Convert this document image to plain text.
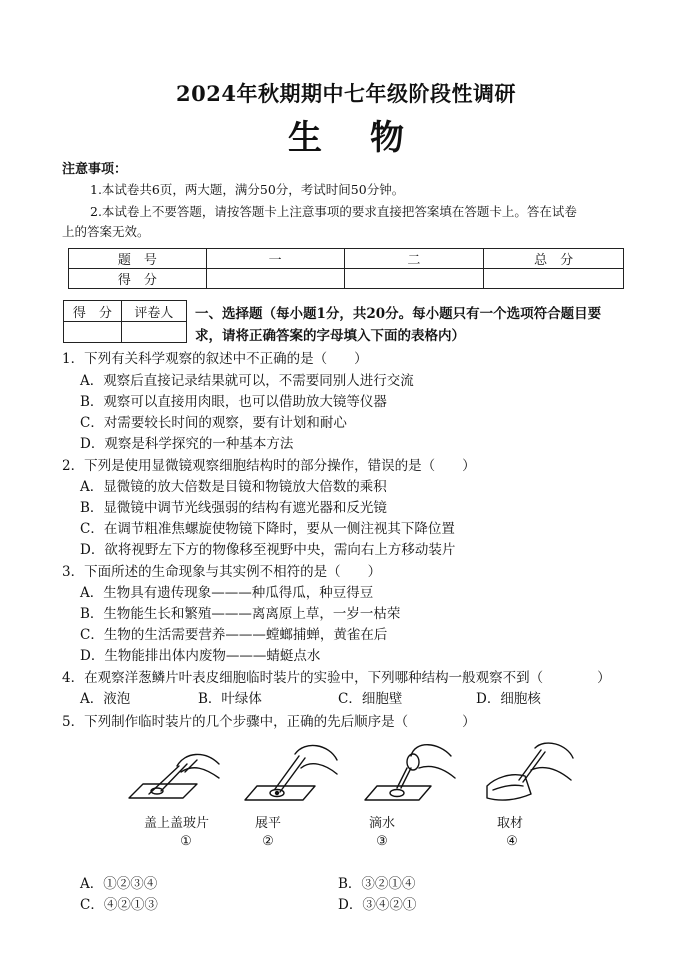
2024年秋期期中七年级阶段性调研
生物
注意事项：
1.本试卷共6页，两大题，满分50分，考试时间50分钟。
2.本试卷上不要答题，请按答题卡上注意事项的要求直接把答案填在答题卡上。答在试卷
上的答案无效。
题　号	一	二	总　分
得　分			
得　分	评卷人
	一、选择题（每小题1分，共20分。每小题只有一个选项符合题目要
求，请将正确答案的字母填入下面的表格内）
1．下列有关科学观察的叙述中不正确的是（　　）
A．观察后直接记录结果就可以，不需要同别人进行交流
B．观察可以直接用肉眼，也可以借助放大镜等仪器
C．对需要较长时间的观察，要有计划和耐心
D．观察是科学探究的一种基本方法
2．下列是使用显微镜观察细胞结构时的部分操作，错误的是（　　）
A．显微镜的放大倍数是目镜和物镜放大倍数的乘积
B．显微镜中调节光线强弱的结构有遮光器和反光镜
C．在调节粗准焦螺旋使物镜下降时，要从一侧注视其下降位置
D．欲将视野左下方的物像移至视野中央，需向右上方移动装片
3．下面所述的生命现象与其实例不相符的是（　　）
A．生物具有遗传现象———种瓜得瓜，种豆得豆
B．生物能生长和繁殖———离离原上草，一岁一枯荣
C．生物的生活需要营养———螳螂捕蝉，黄雀在后
D．生物能排出体内废物———蜻蜓点水
4．在观察洋葱鳞片叶表皮细胞临时装片的实验中，下列哪种结构一般观察不到（　　　　）
A．液泡	B．叶绿体	C．细胞壁	D．细胞核
5．下列制作临时装片的几个步骤中，正确的先后顺序是（　　　　）
盖上盖玻片	展平	滴水	取材
①	②	③	④
A．①②③④	B．③②①④
C．④②①③	D．③④②①
